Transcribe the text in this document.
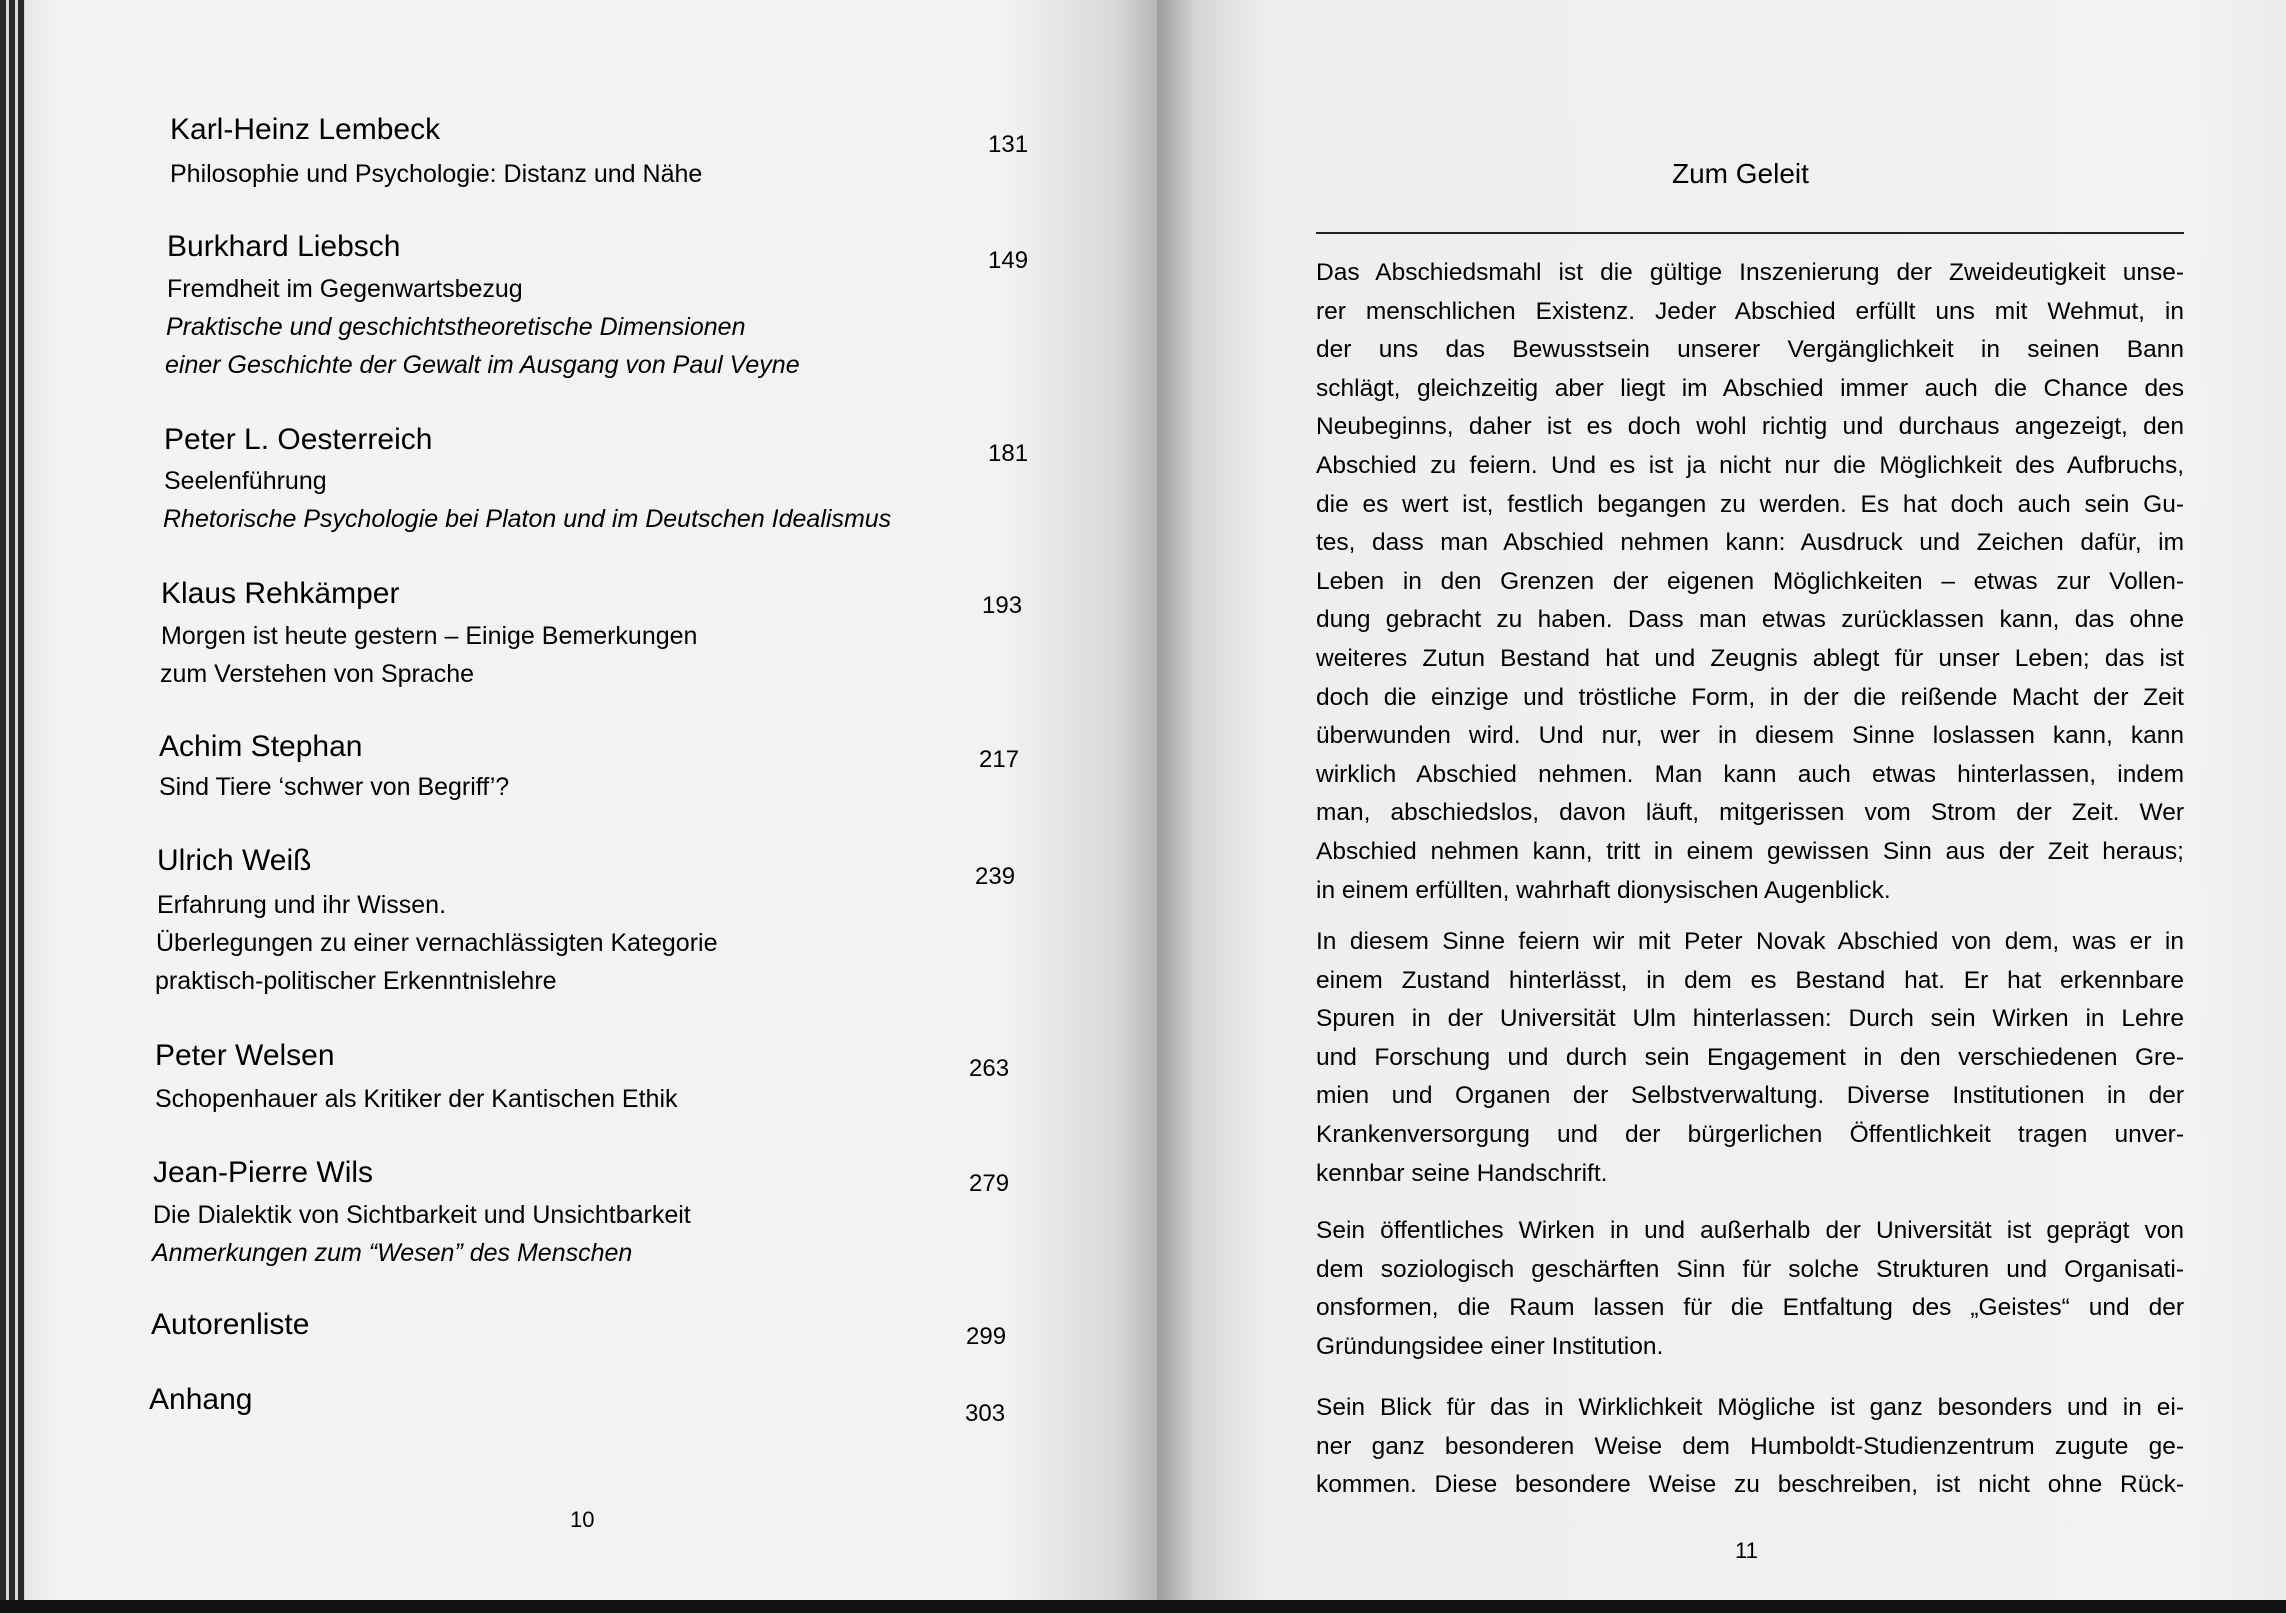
Karl-Heinz Lembeck	131
Philosophie und Psychologie: Distanz und Nähe
Burkhard Liebsch	149
Fremdheit im Gegenwartsbezug
Praktische und geschichtstheoretische Dimensionen
einer Geschichte der Gewalt im Ausgang von Paul Veyne
Peter L. Oesterreich	181
Seelenführung
Rhetorische Psychologie bei Platon und im Deutschen Idealismus
Klaus Rehkämper	193
Morgen ist heute gestern – Einige Bemerkungen
zum Verstehen von Sprache
Achim Stephan	217
Sind Tiere ‘schwer von Begriff’?
Ulrich Weiß	239
Erfahrung und ihr Wissen.
Überlegungen zu einer vernachlässigten Kategorie
praktisch-politischer Erkenntnislehre
Peter Welsen	263
Schopenhauer als Kritiker der Kantischen Ethik
Jean-Pierre Wils	279
Die Dialektik von Sichtbarkeit und Unsichtbarkeit
Anmerkungen zum “Wesen” des Menschen
Autorenliste	299
Anhang	303
10
Zum Geleit
Das Abschiedsmahl ist die gültige Inszenierung der Zweideutigkeit unse-
rer menschlichen Existenz. Jeder Abschied erfüllt uns mit Wehmut, in
der uns das Bewusstsein unserer Vergänglichkeit in seinen Bann
schlägt, gleichzeitig aber liegt im Abschied immer auch die Chance des
Neubeginns, daher ist es doch wohl richtig und durchaus angezeigt, den
Abschied zu feiern. Und es ist ja nicht nur die Möglichkeit des Aufbruchs,
die es wert ist, festlich begangen zu werden. Es hat doch auch sein Gu-
tes, dass man Abschied nehmen kann: Ausdruck und Zeichen dafür, im
Leben in den Grenzen der eigenen Möglichkeiten – etwas zur Vollen-
dung gebracht zu haben. Dass man etwas zurücklassen kann, das ohne
weiteres Zutun Bestand hat und Zeugnis ablegt für unser Leben; das ist
doch die einzige und tröstliche Form, in der die reißende Macht der Zeit
überwunden wird. Und nur, wer in diesem Sinne loslassen kann, kann
wirklich Abschied nehmen. Man kann auch etwas hinterlassen, indem
man, abschiedslos, davon läuft, mitgerissen vom Strom der Zeit. Wer
Abschied nehmen kann, tritt in einem gewissen Sinn aus der Zeit heraus;
in einem erfüllten, wahrhaft dionysischen Augenblick.
In diesem Sinne feiern wir mit Peter Novak Abschied von dem, was er in
einem Zustand hinterlässt, in dem es Bestand hat. Er hat erkennbare
Spuren in der Universität Ulm hinterlassen: Durch sein Wirken in Lehre
und Forschung und durch sein Engagement in den verschiedenen Gre-
mien und Organen der Selbstverwaltung. Diverse Institutionen in der
Krankenversorgung und der bürgerlichen Öffentlichkeit tragen unver-
kennbar seine Handschrift.
Sein öffentliches Wirken in und außerhalb der Universität ist geprägt von
dem soziologisch geschärften Sinn für solche Strukturen und Organisati-
onsformen, die Raum lassen für die Entfaltung des „Geistes“ und der
Gründungsidee einer Institution.
Sein Blick für das in Wirklichkeit Mögliche ist ganz besonders und in ei-
ner ganz besonderen Weise dem Humboldt-Studienzentrum zugute ge-
kommen. Diese besondere Weise zu beschreiben, ist nicht ohne Rück-
11
